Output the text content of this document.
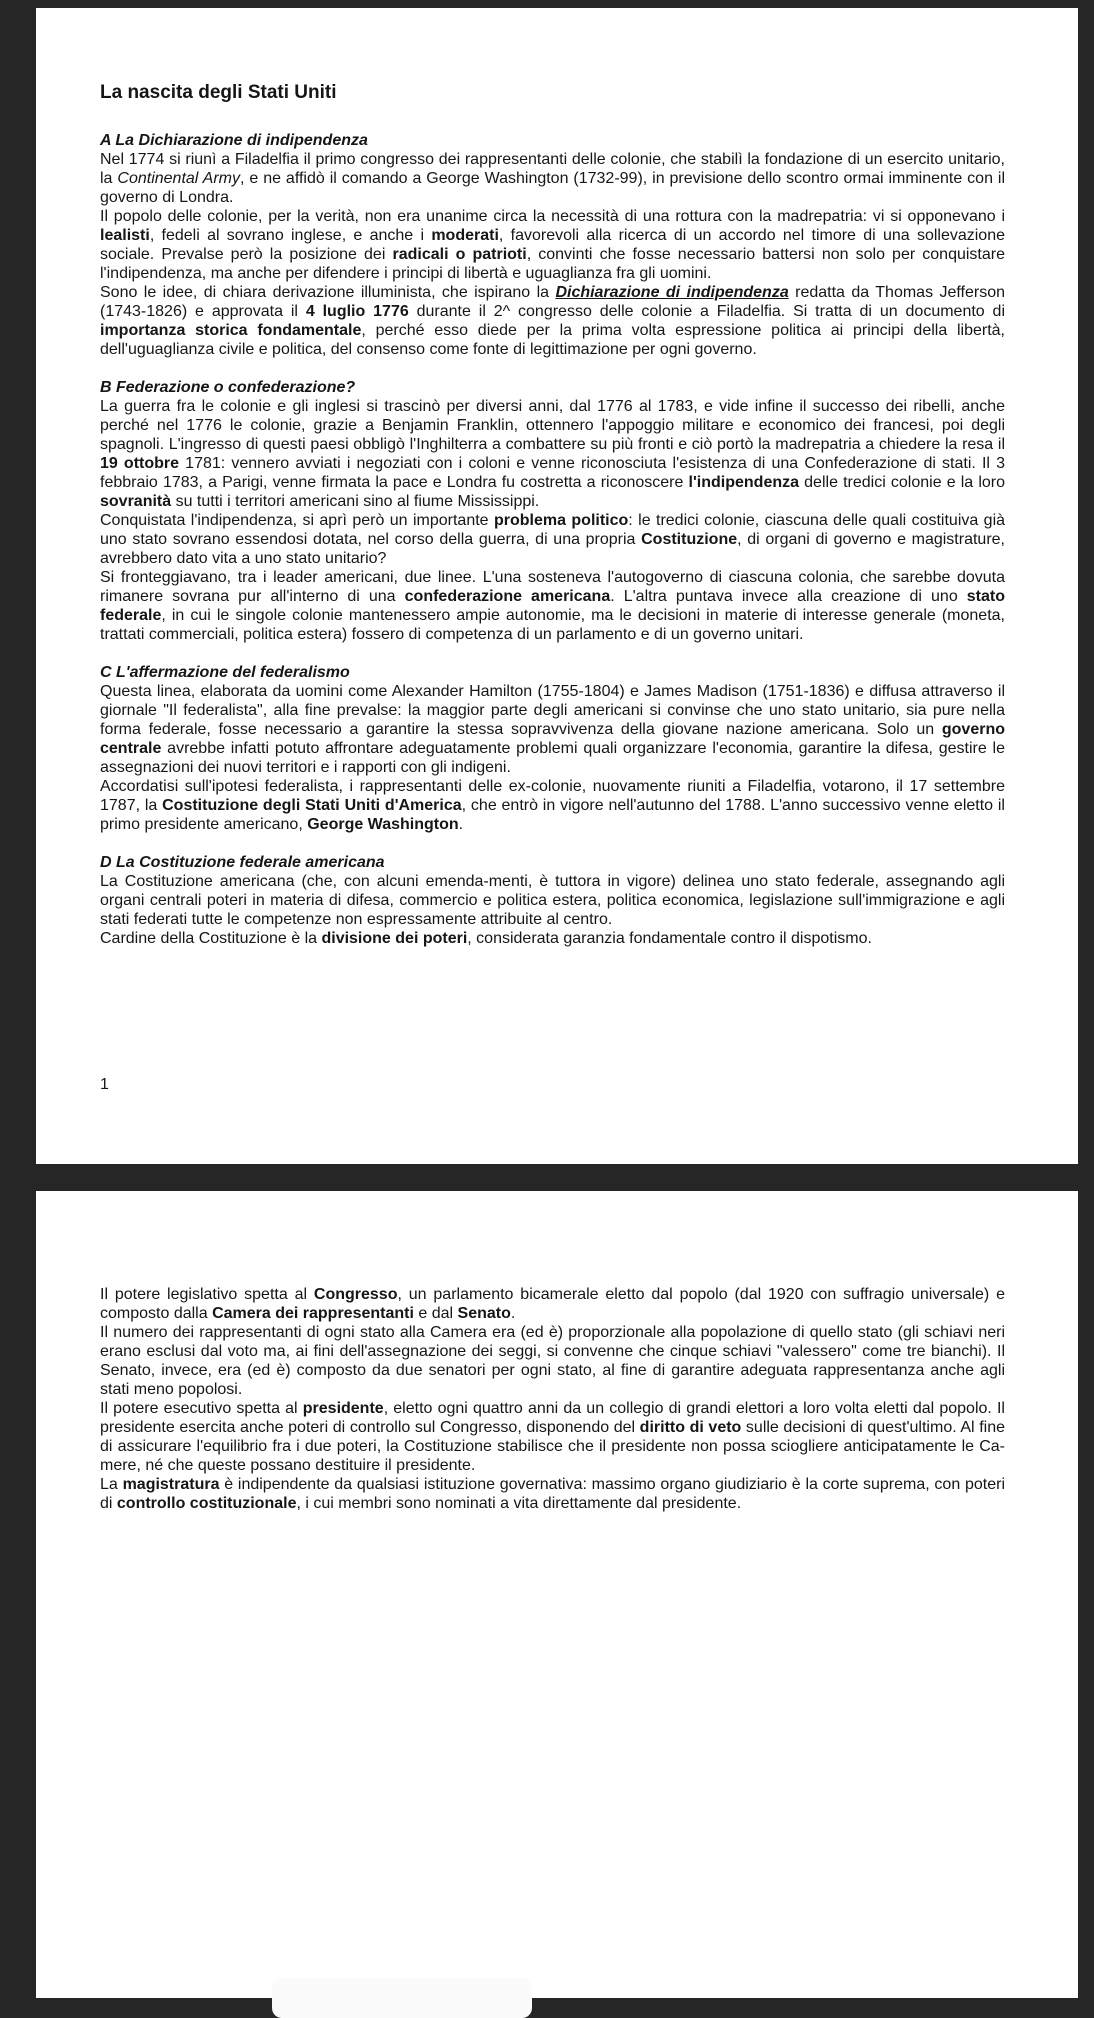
La nascita degli Stati Uniti
A La Dichiarazione di indipendenza

Nel 1774 si riunì a Filadelfia il primo congresso dei rappresentanti delle colonie, che stabilì la fondazione di un esercito unitario, la Continental Army, e ne affidò il comando a George Washington (1732-99), in previsione dello scontro ormai imminente con il governo di Londra.

Il popolo delle colonie, per la verità, non era unanime circa la necessità di una rottura con la madrepatria: vi si opponevano i lealisti, fedeli al sovrano inglese, e anche i moderati, favorevoli alla ricerca di un accordo nel timore di una sollevazione sociale. Prevalse però la posizione dei radicali o patrioti, convinti che fosse necessario battersi non solo per conquistare l'indipendenza, ma anche per difendere i principi di libertà e uguaglianza fra gli uomini.

Sono le idee, di chiara derivazione illuminista, che ispirano la Dichiarazione di indipendenza redatta da Thomas Jefferson (1743-1826) e approvata il 4 luglio 1776 durante il 2^ congresso delle colonie a Filadelfia. Si tratta di un documento di importanza storica fondamentale, perché esso diede per la prima volta espressione politica ai principi della libertà, dell'uguaglianza civile e politica, del consenso come fonte di legittimazione per ogni governo.

B Federazione o confederazione?

La guerra fra le colonie e gli inglesi si trascinò per diversi anni, dal 1776 al 1783, e vide infine il successo dei ribelli, anche perché nel 1776 le colonie, grazie a Benjamin Franklin, ottennero l'appoggio militare e economico dei francesi, poi degli spagnoli. L'ingresso di questi paesi obbligò l'Inghilterra a combattere su più fronti e ciò portò la madrepatria a chiedere la resa il 19 ottobre 1781: vennero avviati i negoziati con i coloni e venne riconosciuta l'esistenza di una Confederazione di stati. Il 3 febbraio 1783, a Parigi, venne firmata la pace e Londra fu costretta a riconoscere l'indipendenza delle tredici colonie e la loro sovranità su tutti i territori americani sino al fiume Mississippi.

Conquistata l'indipendenza, si aprì però un importante problema politico: le tredici colonie, ciascuna delle quali costituiva già uno stato sovrano essendosi dotata, nel corso della guerra, di una propria Costituzione, di organi di governo e magistrature, avrebbero dato vita a uno stato unitario?

Si fronteggiavano, tra i leader americani, due linee. L'una sosteneva l'autogoverno di ciascuna colonia, che sarebbe dovuta rimanere sovrana pur all'interno di una confederazione americana. L'altra puntava invece alla creazione di uno stato federale, in cui le singole colonie mantenessero ampie autonomie, ma le decisioni in materie di interesse generale (moneta, trattati commerciali, politica estera) fossero di competenza di un parlamento e di un governo unitari.

C L'affermazione del federalismo

Questa linea, elaborata da uomini come Alexander Hamilton (1755-1804) e James Madison (1751-1836) e diffusa attraverso il giornale "Il federalista", alla fine prevalse: la maggior parte degli americani si convinse che uno stato unitario, sia pure nella forma federale, fosse necessario a garantire la stessa sopravvivenza della giovane nazione americana. Solo un governo centrale avrebbe infatti potuto affrontare adeguatamente problemi quali organizzare l'economia, garantire la difesa, gestire le assegnazioni dei nuovi territori e i rapporti con gli indigeni.

Accordatisi sull'ipotesi federalista, i rappresentanti delle ex-colonie, nuovamente riuniti a Filadelfia, votarono, il 17 settembre 1787, la Costituzione degli Stati Uniti d'America, che entrò in vigore nell'autunno del 1788. L'anno successivo venne eletto il primo presidente americano, George Washington.

D La Costituzione federale americana

La Costituzione americana (che, con alcuni emenda-menti, è tuttora in vigore) delinea uno stato federale, assegnando agli organi centrali poteri in materia di difesa, commercio e politica estera, politica economica, legislazione sull'immigrazione e agli stati federati tutte le competenze non espressamente attribuite al centro.

Cardine della Costituzione è la divisione dei poteri, considerata garanzia fondamentale contro il dispotismo.

1

Il potere legislativo spetta al Congresso, un parlamento bicamerale eletto dal popolo (dal 1920 con suffragio universale) e composto dalla Camera dei rappresentanti e dal Senato.

Il numero dei rappresentanti di ogni stato alla Camera era (ed è) proporzionale alla popolazione di quello stato (gli schiavi neri erano esclusi dal voto ma, ai fini dell'assegnazione dei seggi, si convenne che cinque schiavi "valessero" come tre bianchi). Il Senato, invece, era (ed è) composto da due senatori per ogni stato, al fine di garantire adeguata rappresentanza anche agli stati meno popolosi.

Il potere esecutivo spetta al presidente, eletto ogni quattro anni da un collegio di grandi elettori a loro volta eletti dal popolo. Il presidente esercita anche poteri di controllo sul Congresso, disponendo del diritto di veto sulle decisioni di quest'ultimo. Al fine di assicurare l'equilibrio fra i due poteri, la Costituzione stabilisce che il presidente non possa sciogliere anticipatamente le Ca-mere, né che queste possano destituire il presidente.

La magistratura è indipendente da qualsiasi istituzione governativa: massimo organo giudiziario è la corte suprema, con poteri di controllo costituzionale, i cui membri sono nominati a vita direttamente dal presidente.
